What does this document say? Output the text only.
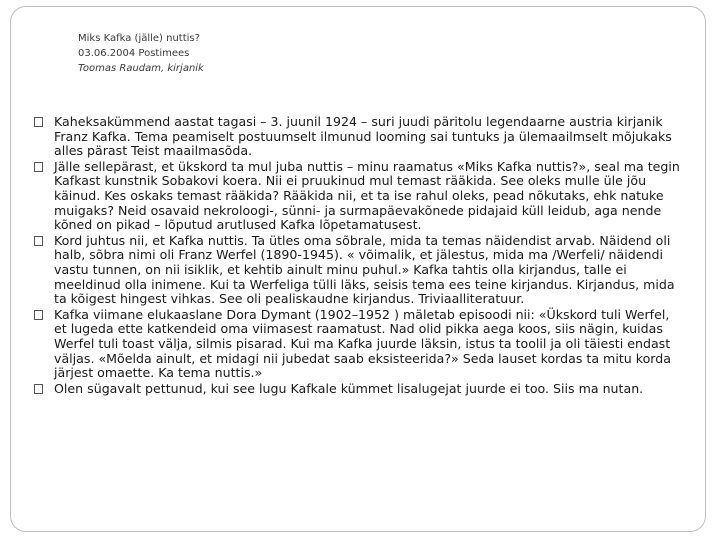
Miks Kafka (jälle) nuttis?
03.06.2004 Postimees
Toomas Raudam, kirjanik
Kaheksakümmend aastat tagasi – 3. juunil 1924 – suri juudi päritolu legendaarne austria kirjanik Franz Kafka. Tema peamiselt postuumselt ilmunud looming sai tuntuks ja ülemaailmselt mõjukaks alles pärast Teist maailmasõda.
Jälle sellepärast, et ükskord ta mul juba nuttis – minu raamatus «Miks Kafka nuttis?», seal ma tegin Kafkast kunstnik Sobakovi koera. Nii ei pruukinud mul temast rääkida. See oleks mulle üle jõu käinud. Kes oskaks temast rääkida? Rääkida nii, et ta ise rahul oleks, pead nõkutaks, ehk natuke muigaks? Neid osavaid nekroloogi-, sünni- ja surmapäevakõnede pidajaid küll leidub, aga nende kõned on pikad – lõputud arutlused Kafka lõpetamatusest.
Kord juhtus nii, et Kafka nuttis. Ta ütles oma sõbrale, mida ta temas näidendist arvab. Näidend oli halb, sõbra nimi oli Franz Werfel (1890-1945). « võimalik, et jälestus, mida ma /Werfeli/ näidendi vastu tunnen, on nii isiklik, et kehtib ainult minu puhul.» Kafka tahtis olla kirjandus, talle ei meeldinud olla inimene. Kui ta Werfeliga tülli läks, seisis tema ees teine kirjandus. Kirjandus, mida ta kõigest hingest vihkas. See oli pealiskaudne kirjandus. Triviaalliteratuur.
Kafka viimane elukaaslane Dora Dymant (1902–1952 ) mäletab episoodi nii: «Ükskord tuli Werfel, et lugeda ette katkendeid oma viimasest raamatust. Nad olid pikka aega koos, siis nägin, kuidas Werfel tuli toast välja, silmis pisarad. Kui ma Kafka juurde läksin, istus ta toolil ja oli täiesti endast väljas. «Mõelda ainult, et midagi nii jubedat saab eksisteerida?» Seda lauset kordas ta mitu korda järjest omaette. Ka tema nuttis.»
Olen sügavalt pettunud, kui see lugu Kafkale kümmet lisalugejat juurde ei too. Siis ma nutan.
